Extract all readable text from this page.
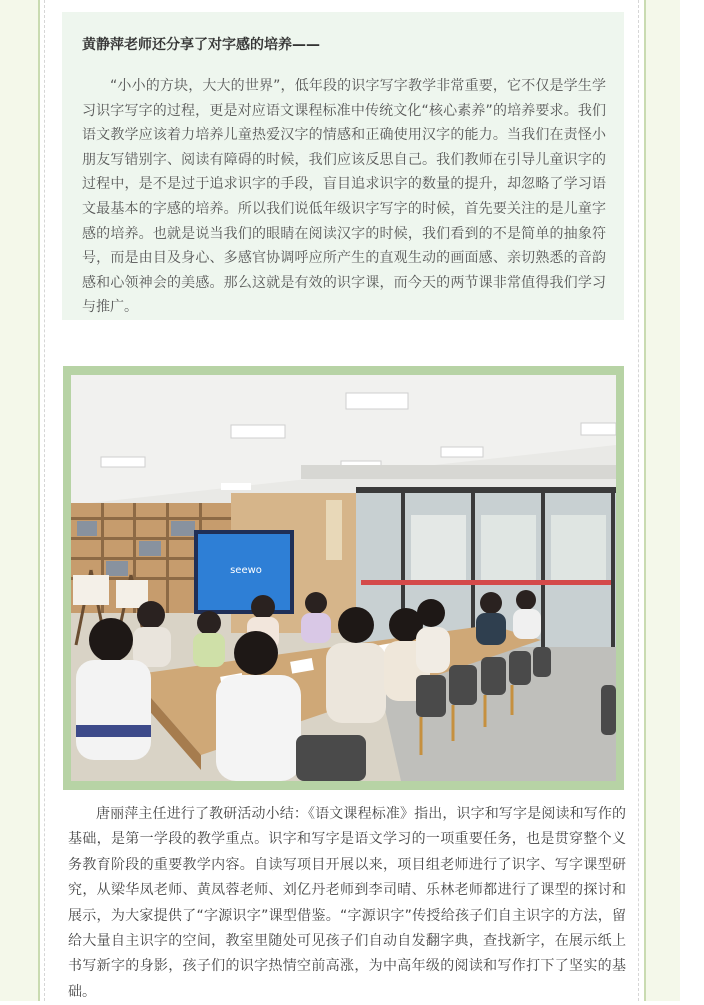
黄静萍老师还分享了对字感的培养——
“小小的方块，大大的世界”，低年段的识字写字教学非常重要，它不仅是学生学习识字写字的过程，更是对应语文课程标准中传统文化“核心素养”的培养要求。我们语文教学应该着力培养儿童热爱汉字的情感和正确使用汉字的能力。当我们在责怪小朋友写错别字、阅读有障碍的时候，我们应该反思自己。我们教师在引导儿童识字的过程中，是不是过于追求识字的手段，盲目追求识字的数量的提升，却忽略了学习语文最基本的字感的培养。所以我们说低年级识字写字的时候，首先要关注的是儿童字感的培养。也就是说当我们的眼睛在阅读汉字的时候，我们看到的不是简单的抽象符号，而是由目及身心、多感官协调呼应所产生的直观生动的画面感、亲切熟悉的音韵感和心领神会的美感。那么这就是有效的识字课，而今天的两节课非常值得我们学习与推广。
seewo
唐丽萍主任进行了教研活动小结：《语文课程标准》指出，识字和写字是阅读和写作的基础，是第一学段的教学重点。识字和写字是语文学习的一项重要任务，也是贯穿整个义务教育阶段的重要教学内容。自读写项目开展以来，项目组老师进行了识字、写字课型研究，从梁华凤老师、黄凤蓉老师、刘亿丹老师到李司晴、乐林老师都进行了课型的探讨和展示，为大家提供了“字源识字”课型借鉴。“字源识字”传授给孩子们自主识字的方法，留给大量自主识字的空间，教室里随处可见孩子们自动自发翻字典，查找新字，在展示纸上书写新字的身影，孩子们的识字热情空前高涨，为中高年级的阅读和写作打下了坚实的基础。
